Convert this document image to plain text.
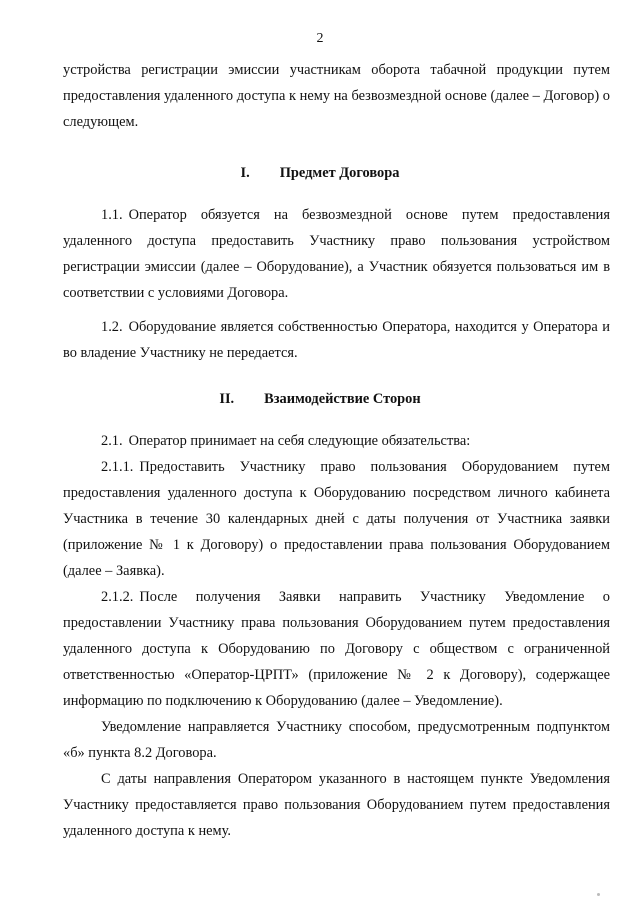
2

устройства регистрации эмиссии участникам оборота табачной продукции путем предоставления удаленного доступа к нему на безвозмездной основе (далее – Договор) о следующем.

I. Предмет Договора

1.1. Оператор обязуется на безвозмездной основе путем предоставления удаленного доступа предоставить Участнику право пользования устройством регистрации эмиссии (далее – Оборудование), а Участник обязуется пользоваться им в соответствии с условиями Договора.

1.2. Оборудование является собственностью Оператора, находится у Оператора и во владение Участнику не передается.

II. Взаимодействие Сторон

2.1. Оператор принимает на себя следующие обязательства:

2.1.1. Предоставить Участнику право пользования Оборудованием путем предоставления удаленного доступа к Оборудованию посредством личного кабинета Участника в течение 30 календарных дней с даты получения от Участника заявки (приложение № 1 к Договору) о предоставлении права пользования Оборудованием (далее – Заявка).

2.1.2. После получения Заявки направить Участнику Уведомление о предоставлении Участнику права пользования Оборудованием путем предоставления удаленного доступа к Оборудованию по Договору с обществом с ограниченной ответственностью «Оператор-ЦРПТ» (приложение № 2 к Договору), содержащее информацию по подключению к Оборудованию (далее – Уведомление).

Уведомление направляется Участнику способом, предусмотренным подпунктом «б» пункта 8.2 Договора.

С даты направления Оператором указанного в настоящем пункте Уведомления Участнику предоставляется право пользования Оборудованием путем предоставления удаленного доступа к нему.
